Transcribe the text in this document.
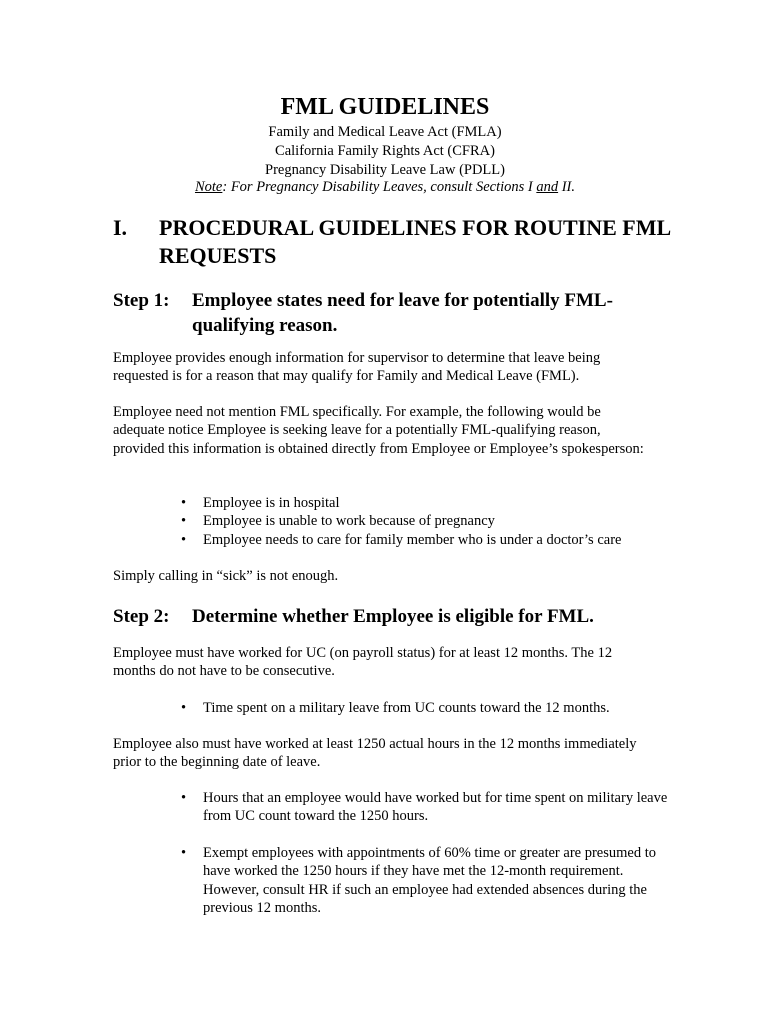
FML GUIDELINES
Family and Medical Leave Act (FMLA)
California Family Rights Act (CFRA)
Pregnancy Disability Leave Law (PDLL)
Note: For Pregnancy Disability Leaves, consult Sections I and II.
I. PROCEDURAL GUIDELINES FOR ROUTINE FML REQUESTS
Step 1: Employee states need for leave for potentially FML-qualifying reason.
Employee provides enough information for supervisor to determine that leave being requested is for a reason that may qualify for Family and Medical Leave (FML).
Employee need not mention FML specifically. For example, the following would be adequate notice Employee is seeking leave for a potentially FML-qualifying reason, provided this information is obtained directly from Employee or Employee’s spokesperson:
• Employee is in hospital
• Employee is unable to work because of pregnancy
• Employee needs to care for family member who is under a doctor’s care
Simply calling in “sick” is not enough.
Step 2: Determine whether Employee is eligible for FML.
Employee must have worked for UC (on payroll status) for at least 12 months. The 12 months do not have to be consecutive.
• Time spent on a military leave from UC counts toward the 12 months.
Employee also must have worked at least 1250 actual hours in the 12 months immediately prior to the beginning date of leave.
• Hours that an employee would have worked but for time spent on military leave from UC count toward the 1250 hours.
• Exempt employees with appointments of 60% time or greater are presumed to have worked the 1250 hours if they have met the 12-month requirement. However, consult HR if such an employee had extended absences during the previous 12 months.
